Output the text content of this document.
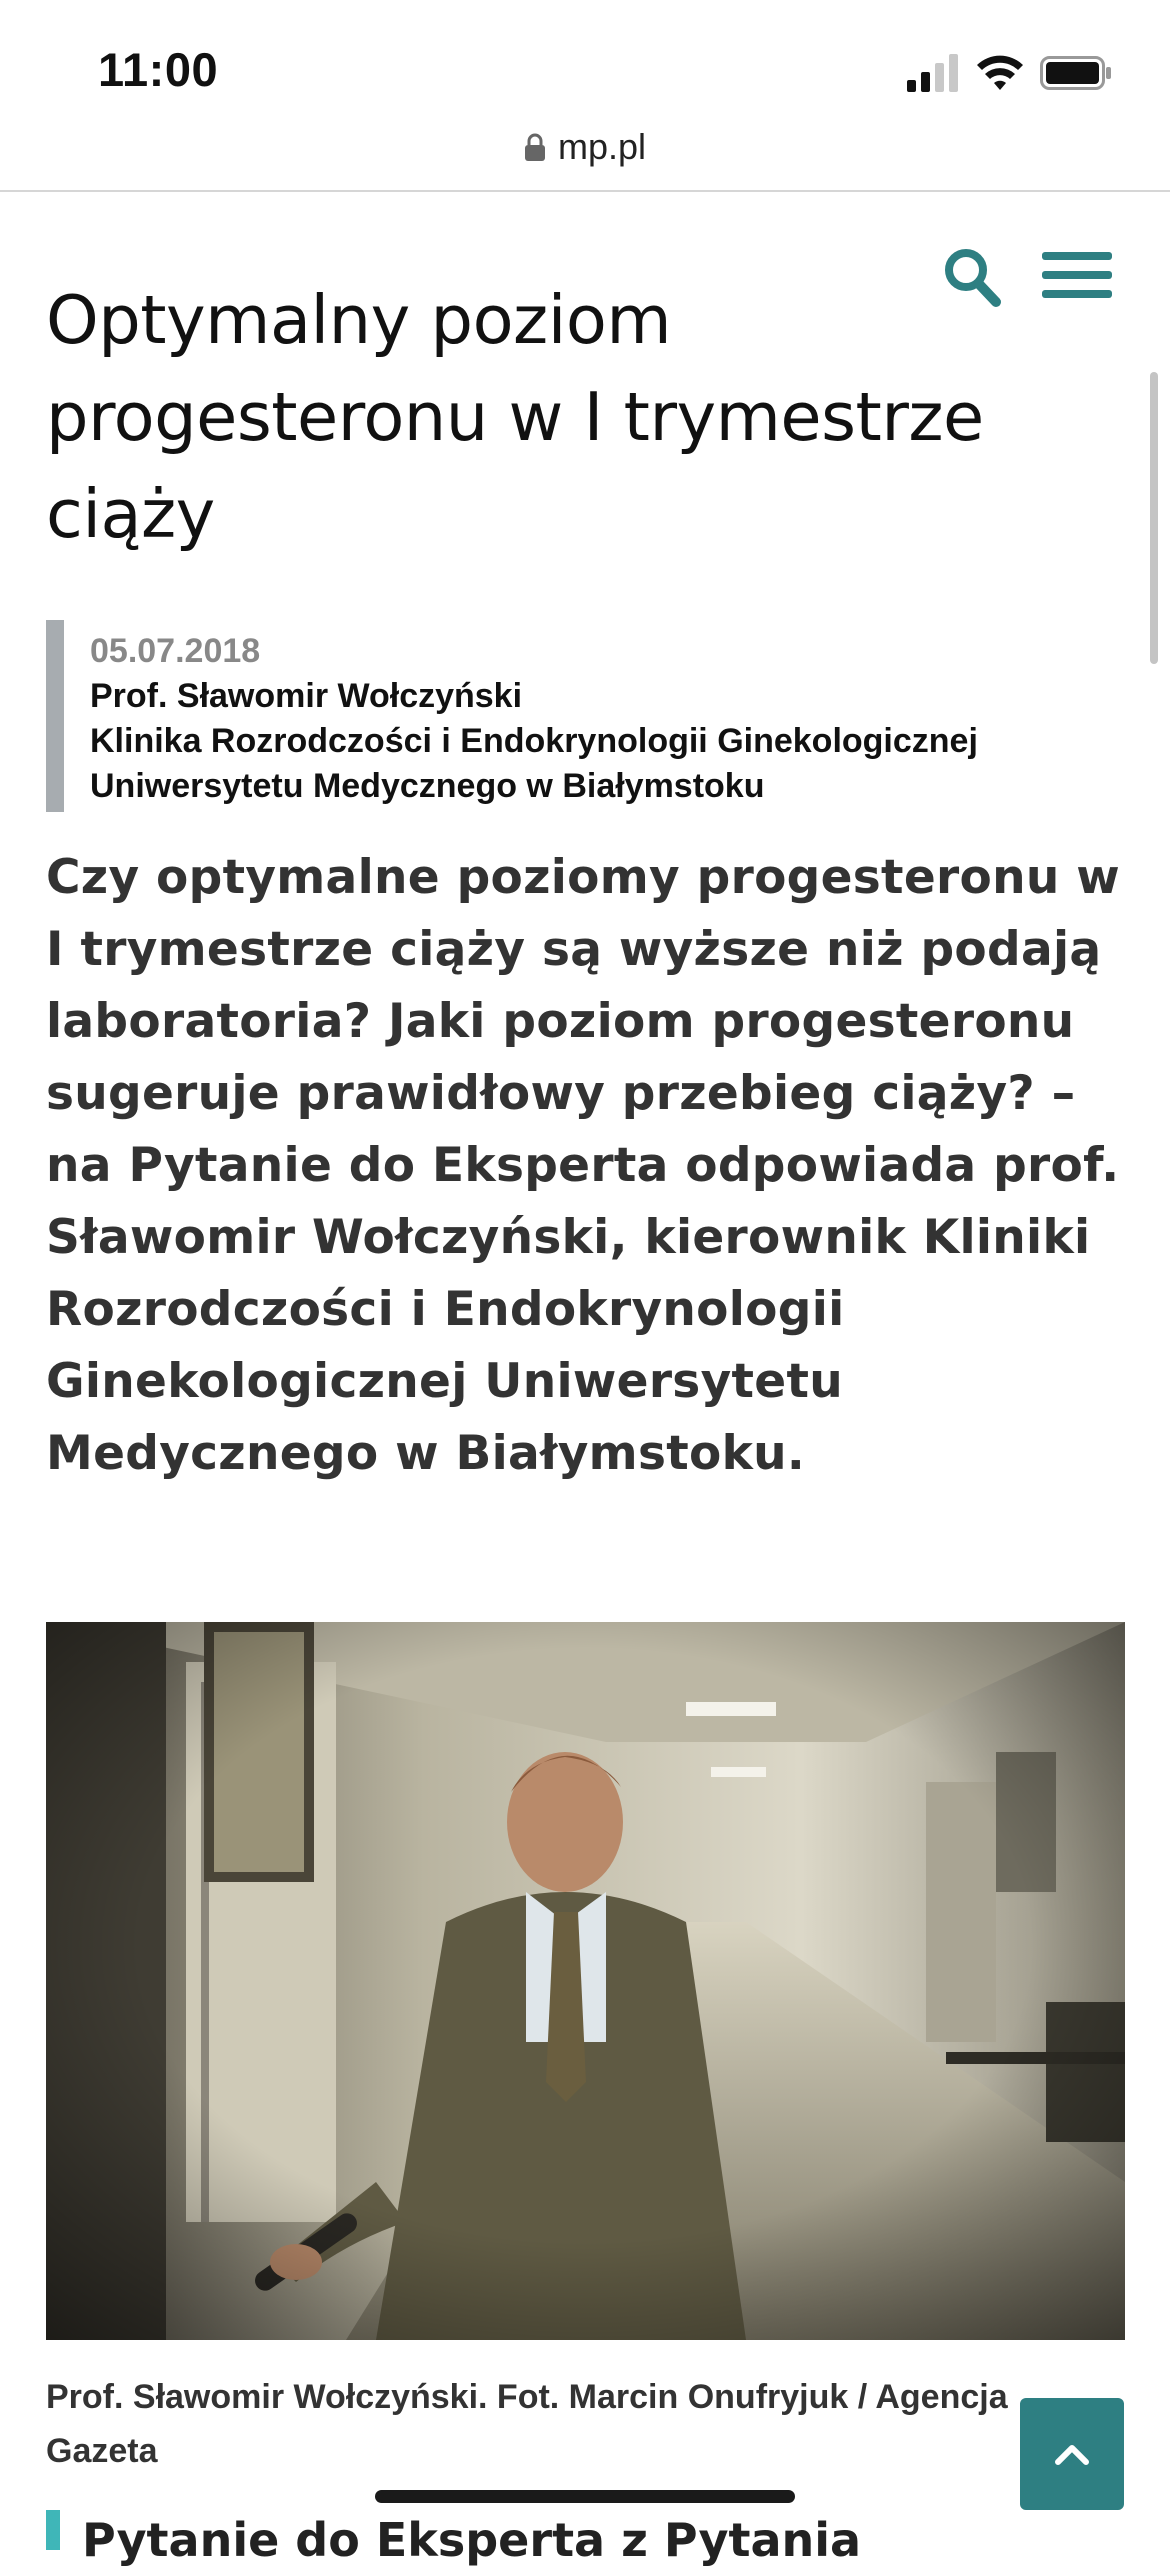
11:00
mp.pl
Optymalny poziom progesteronu w I trymestrze ciąży
05.07.2018
Prof. Sławomir Wołczyński
Klinika Rozrodczości i Endokrynologii Ginekologicznej
Uniwersytetu Medycznego w Białymstoku

Czy optymalne poziomy progesteronu w I trymestrze ciąży są wyższe niż podają laboratoria? Jaki poziom progesteronu sugeruje prawidłowy przebieg ciąży? – na Pytanie do Eksperta odpowiada prof. Sławomir Wołczyński, kierownik Kliniki Rozrodczości i Endokrynologii Ginekologicznej Uniwersytetu Medycznego w Białymstoku.

Prof. Sławomir Wołczyński. Fot. Marcin Onufryjuk / Agencja Gazeta

Pytanie do Eksperta z Pytania
